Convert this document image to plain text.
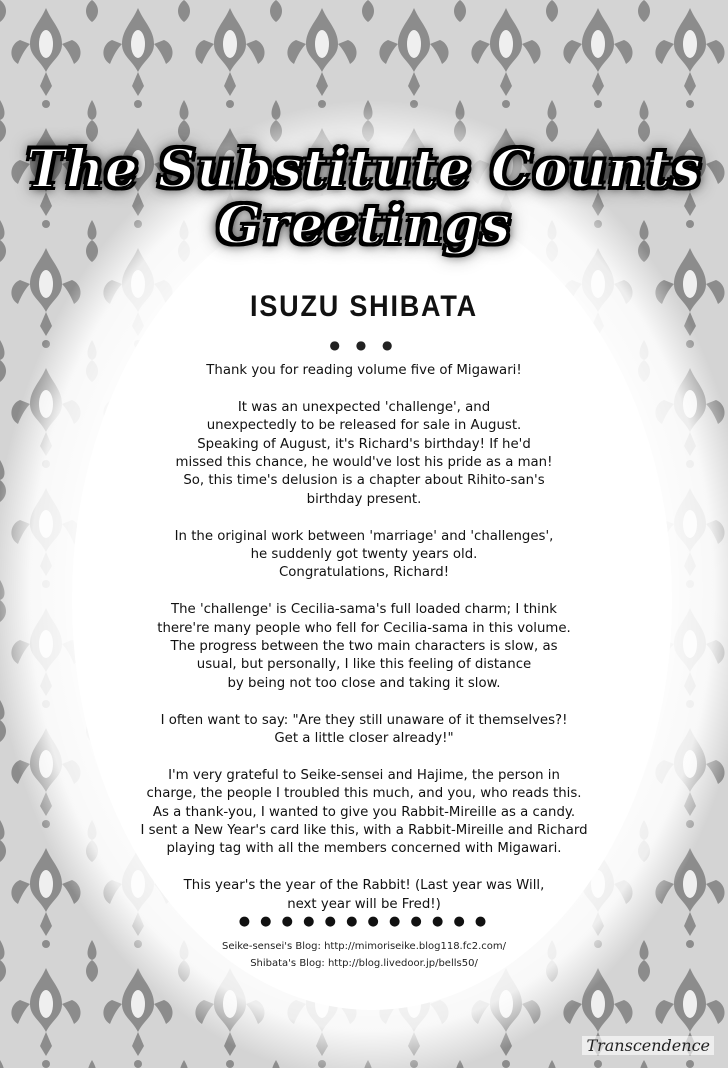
The Substitute Counts
Greetings
ISUZU SHIBATA
● ● ●

Thank you for reading volume five of Migawari!

It was an unexpected 'challenge', and
unexpectedly to be released for sale in August.
Speaking of August, it's Richard's birthday! If he'd
missed this chance, he would've lost his pride as a man!
So, this time's delusion is a chapter about Rihito-san's
birthday present.

In the original work between 'marriage' and 'challenges',
he suddenly got twenty years old.
Congratulations, Richard!

The 'challenge' is Cecilia-sama's full loaded charm; I think
there're many people who fell for Cecilia-sama in this volume.
The progress between the two main characters is slow, as
usual, but personally, I like this feeling of distance
by being not too close and taking it slow.

I often want to say: "Are they still unaware of it themselves?!
Get a little closer already!"

I'm very grateful to Seike-sensei and Hajime, the person in
charge, the people I troubled this much, and you, who reads this.
As a thank-you, I wanted to give you Rabbit-Mireille as a candy.
I sent a New Year's card like this, with a Rabbit-Mireille and Richard
playing tag with all the members concerned with Migawari.

This year's the year of the Rabbit! (Last year was Will,
next year will be Fred!)

● ● ● ● ● ● ● ● ● ● ● ●
Seike-sensei's Blog: http://mimoriseike.blog118.fc2.com/
Shibata's Blog: http://blog.livedoor.jp/bells50/
Transcendence
